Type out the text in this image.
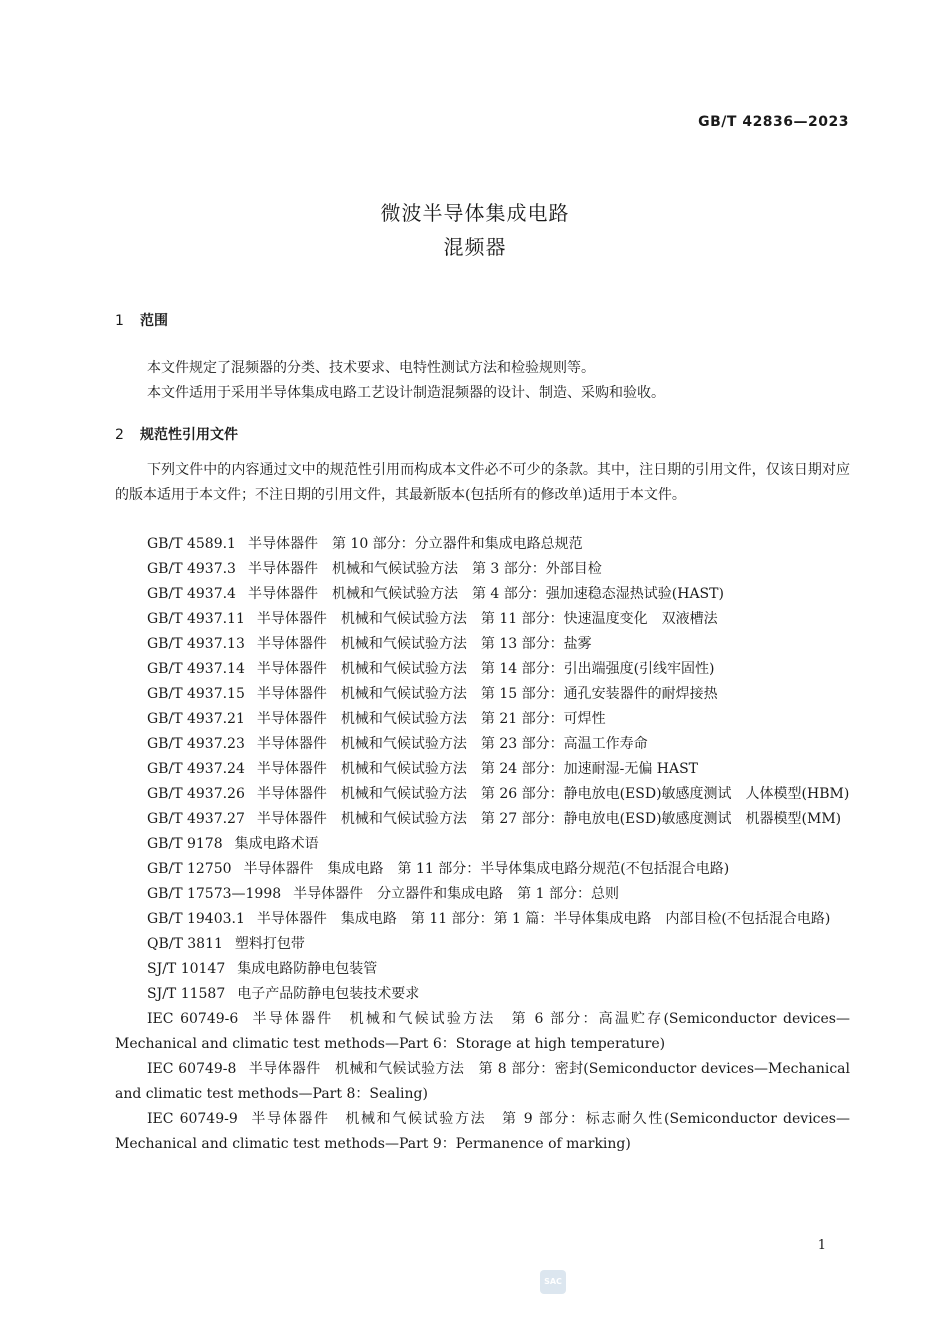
GB/T 42836—2023
微波半导体集成电路
混频器
1 范围

本文件规定了混频器的分类、技术要求、电特性测试方法和检验规则等。

本文件适用于采用半导体集成电路工艺设计制造混频器的设计、制造、采购和验收。

2 规范性引用文件

下列文件中的内容通过文中的规范性引用而构成本文件必不可少的条款。其中，注日期的引用文件，仅该日期对应的版本适用于本文件；不注日期的引用文件，其最新版本(包括所有的修改单)适用于本文件。

GB/T 4589.1 半导体器件　第 10 部分：分立器件和集成电路总规范

GB/T 4937.3 半导体器件　机械和气候试验方法　第 3 部分：外部目检

GB/T 4937.4 半导体器件　机械和气候试验方法　第 4 部分：强加速稳态湿热试验(HAST)

GB/T 4937.11 半导体器件　机械和气候试验方法　第 11 部分：快速温度变化　双液槽法

GB/T 4937.13 半导体器件　机械和气候试验方法　第 13 部分：盐雾

GB/T 4937.14 半导体器件　机械和气候试验方法　第 14 部分：引出端强度(引线牢固性)

GB/T 4937.15 半导体器件　机械和气候试验方法　第 15 部分：通孔安装器件的耐焊接热

GB/T 4937.21 半导体器件　机械和气候试验方法　第 21 部分：可焊性

GB/T 4937.23 半导体器件　机械和气候试验方法　第 23 部分：高温工作寿命

GB/T 4937.24 半导体器件　机械和气候试验方法　第 24 部分：加速耐湿-无偏 HAST

GB/T 4937.26 半导体器件　机械和气候试验方法　第 26 部分：静电放电(ESD)敏感度测试　人体模型(HBM)

GB/T 4937.27 半导体器件　机械和气候试验方法　第 27 部分：静电放电(ESD)敏感度测试　机器模型(MM)

GB/T 9178 集成电路术语

GB/T 12750 半导体器件　集成电路　第 11 部分：半导体集成电路分规范(不包括混合电路)

GB/T 17573—1998 半导体器件　分立器件和集成电路　第 1 部分：总则

GB/T 19403.1 半导体器件　集成电路　第 11 部分：第 1 篇：半导体集成电路　内部目检(不包括混合电路)

QB/T 3811 塑料打包带

SJ/T 10147 集成电路防静电包装管

SJ/T 11587 电子产品防静电包装技术要求

IEC 60749-6 半导体器件　机械和气候试验方法　第 6 部分：高温贮存(Semiconductor devices—Mechanical and climatic test methods—Part 6：Storage at high temperature)

IEC 60749-8 半导体器件　机械和气候试验方法　第 8 部分：密封(Semiconductor devices—Mechanical and climatic test methods—Part 8：Sealing)

IEC 60749-9 半导体器件　机械和气候试验方法　第 9 部分：标志耐久性(Semiconductor devices—Mechanical and climatic test methods—Part 9：Permanence of marking)

1
SAC
